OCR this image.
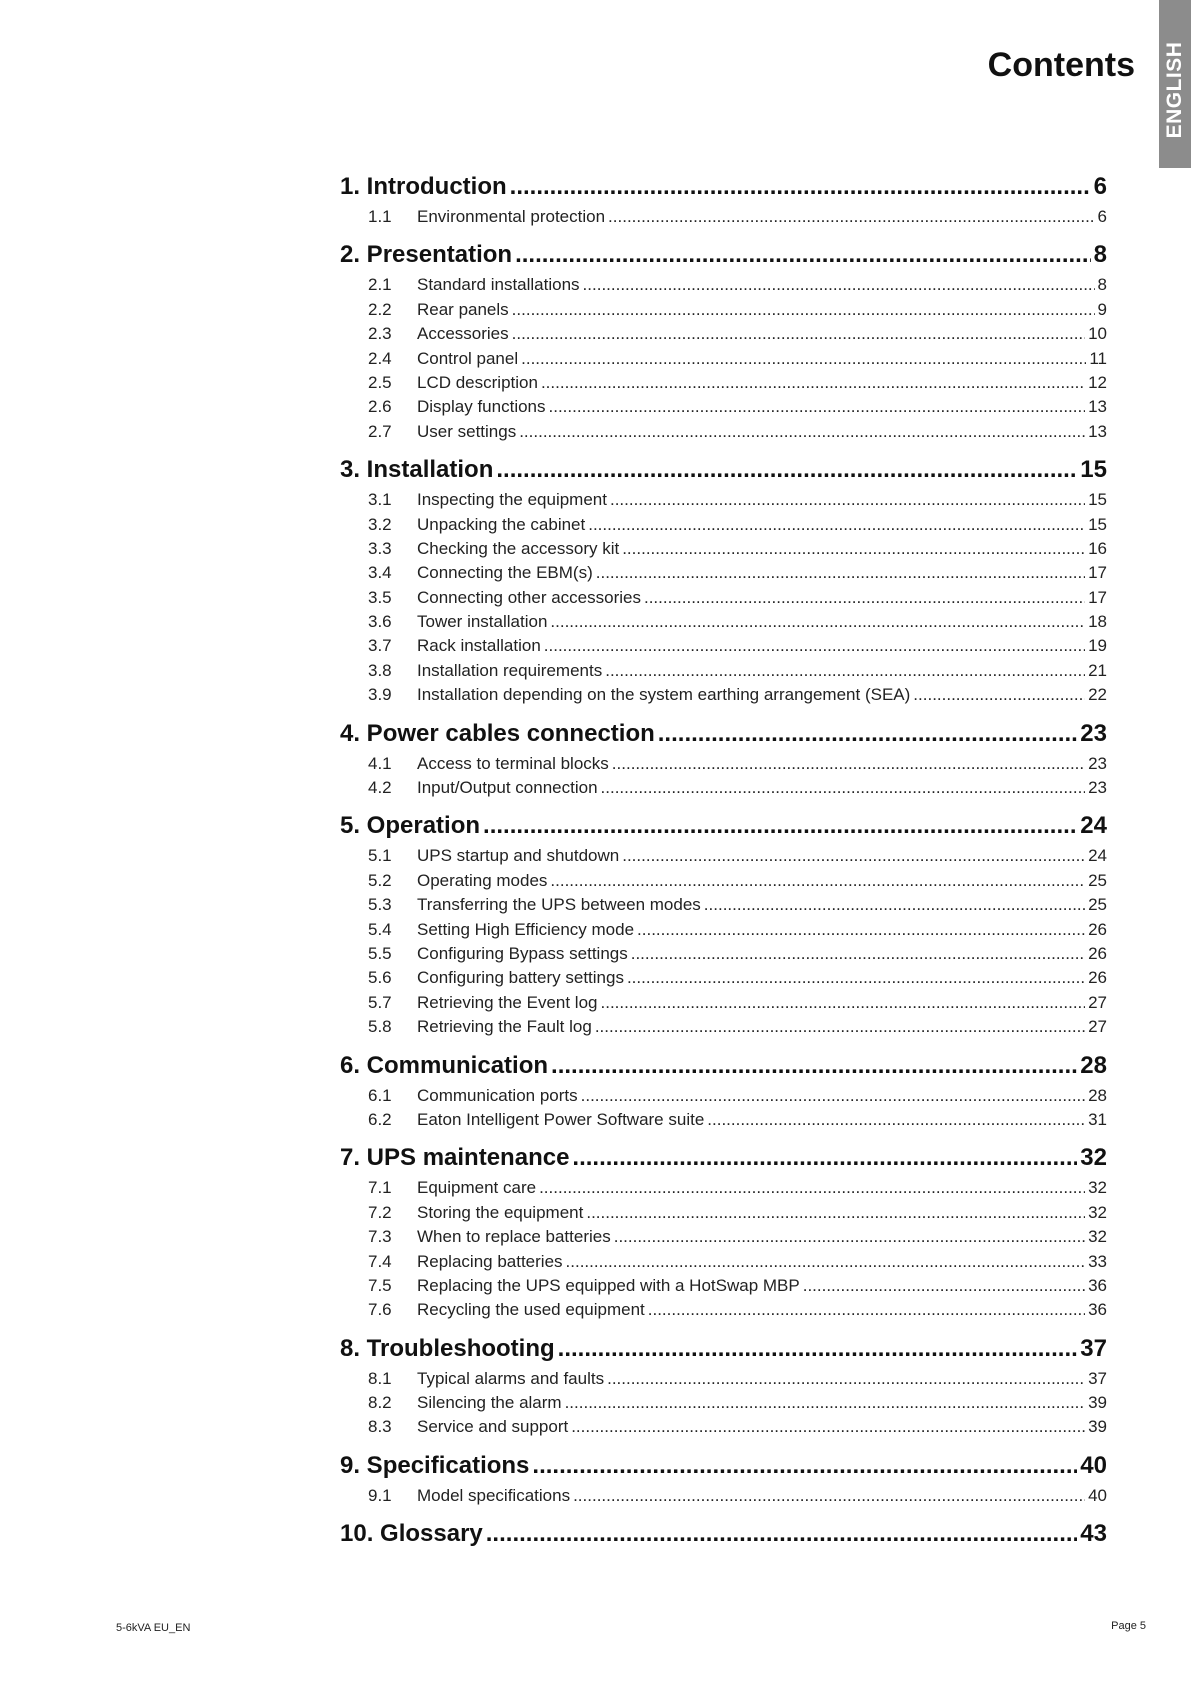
ENGLISH
Contents
1. Introduction .....	6
1.1	Environmental protection .....	6
2. Presentation .....	8
2.1	Standard installations .....	8
2.2	Rear panels .....	9
2.3	Accessories .....	10
2.4	Control panel .....	11
2.5	LCD description .....	12
2.6	Display functions .....	13
2.7	User settings .....	13
3. Installation .....	15
3.1	Inspecting the equipment .....	15
3.2	Unpacking the cabinet .....	15
3.3	Checking the accessory kit .....	16
3.4	Connecting the EBM(s) .....	17
3.5	Connecting other accessories .....	17
3.6	Tower installation .....	18
3.7	Rack installation .....	19
3.8	Installation requirements .....	21
3.9	Installation depending on the system earthing arrangement (SEA) .....	22
4. Power cables connection .....	23
4.1	Access to terminal blocks .....	23
4.2	Input/Output connection .....	23
5. Operation .....	24
5.1	UPS startup and shutdown .....	24
5.2	Operating modes .....	25
5.3	Transferring the UPS between modes .....	25
5.4	Setting High Efficiency mode .....	26
5.5	Configuring Bypass settings .....	26
5.6	Configuring battery settings .....	26
5.7	Retrieving the Event log .....	27
5.8	Retrieving the Fault log .....	27
6. Communication .....	28
6.1	Communication ports .....	28
6.2	Eaton Intelligent Power Software suite .....	31
7. UPS maintenance .....	32
7.1	Equipment care .....	32
7.2	Storing the equipment .....	32
7.3	When to replace batteries .....	32
7.4	Replacing batteries .....	33
7.5	Replacing the UPS equipped with a HotSwap MBP .....	36
7.6	Recycling the used equipment .....	36
8. Troubleshooting .....	37
8.1	Typical alarms and faults .....	37
8.2	Silencing the alarm .....	39
8.3	Service and support .....	39
9. Specifications .....	40
9.1	Model specifications .....	40
10. Glossary .....	43
5-6kVA EU_EN	Page 5
